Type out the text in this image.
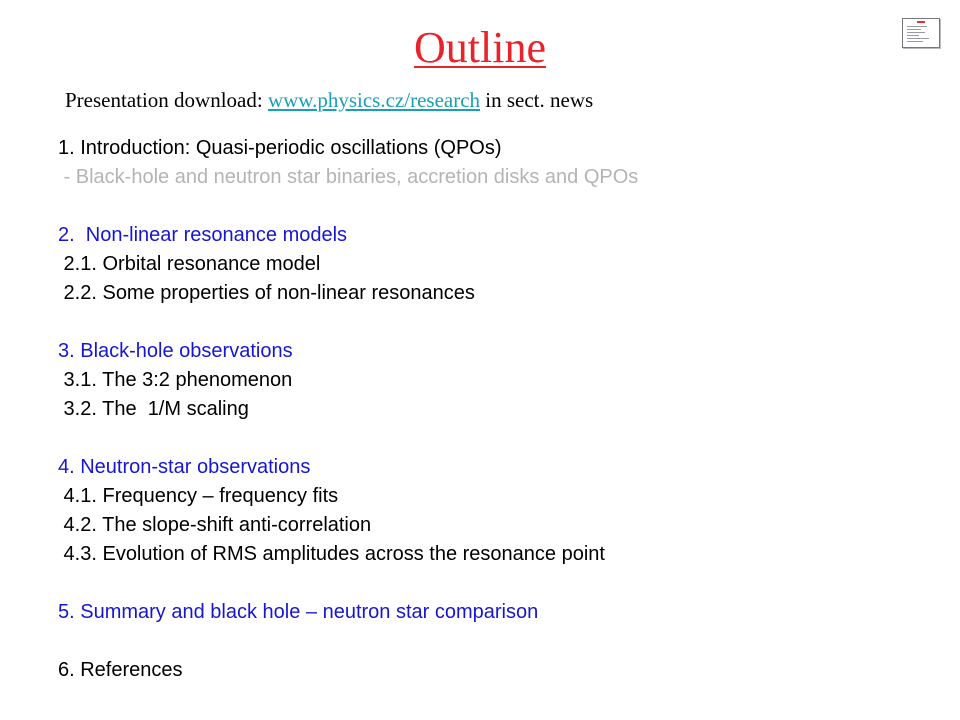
Outline
Presentation download: www.physics.cz/research in sect. news
1. Introduction: Quasi-periodic oscillations (QPOs)
- Black-hole and neutron star binaries, accretion disks and QPOs
2.  Non-linear resonance models
2.1. Orbital resonance model
2.2. Some properties of non-linear resonances
3. Black-hole observations
3.1. The 3:2 phenomenon
3.2. The  1/M scaling
4. Neutron-star observations
4.1. Frequency – frequency fits
4.2. The slope-shift anti-correlation
4.3. Evolution of RMS amplitudes across the resonance point
5. Summary and black hole – neutron star comparison
6. References
